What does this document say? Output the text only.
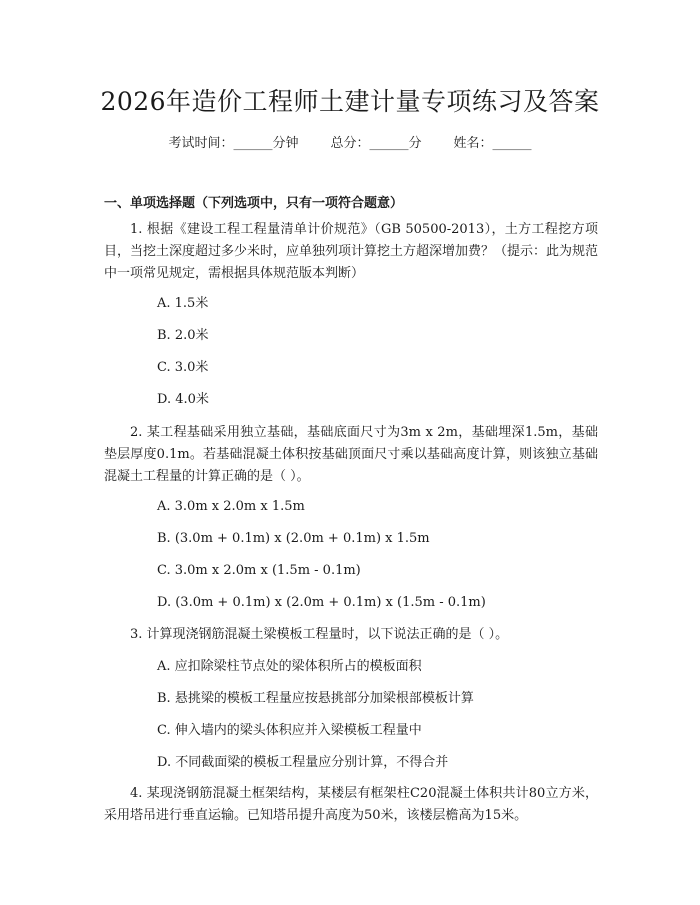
2026年造价工程师土建计量专项练习及答案
考试时间：______分钟 总分：______分 姓名：______
一、单项选择题（下列选项中，只有一项符合题意）
1. 根据《建设工程工程量清单计价规范》（GB 50500-2013），土方工程挖方项目，当挖土深度超过多少米时，应单独列项计算挖土方超深增加费？（提示：此为规范中一项常见规定，需根据具体规范版本判断）
A. 1.5米
B. 2.0米
C. 3.0米
D. 4.0米
2. 某工程基础采用独立基础，基础底面尺寸为3m x 2m，基础埋深1.5m，基础垫层厚度0.1m。若基础混凝土体积按基础顶面尺寸乘以基础高度计算，则该独立基础混凝土工程量的计算正确的是（ ）。
A. 3.0m x 2.0m x 1.5m
B. (3.0m + 0.1m) x (2.0m + 0.1m) x 1.5m
C. 3.0m x 2.0m x (1.5m - 0.1m)
D. (3.0m + 0.1m) x (2.0m + 0.1m) x (1.5m - 0.1m)
3. 计算现浇钢筋混凝土梁模板工程量时，以下说法正确的是（ ）。
A. 应扣除梁柱节点处的梁体积所占的模板面积
B. 悬挑梁的模板工程量应按悬挑部分加梁根部模板计算
C. 伸入墙内的梁头体积应并入梁模板工程量中
D. 不同截面梁的模板工程量应分别计算，不得合并
4. 某现浇钢筋混凝土框架结构，某楼层有框架柱C20混凝土体积共计80立方米，采用塔吊进行垂直运输。已知塔吊提升高度为50米，该楼层檐高为15米。
